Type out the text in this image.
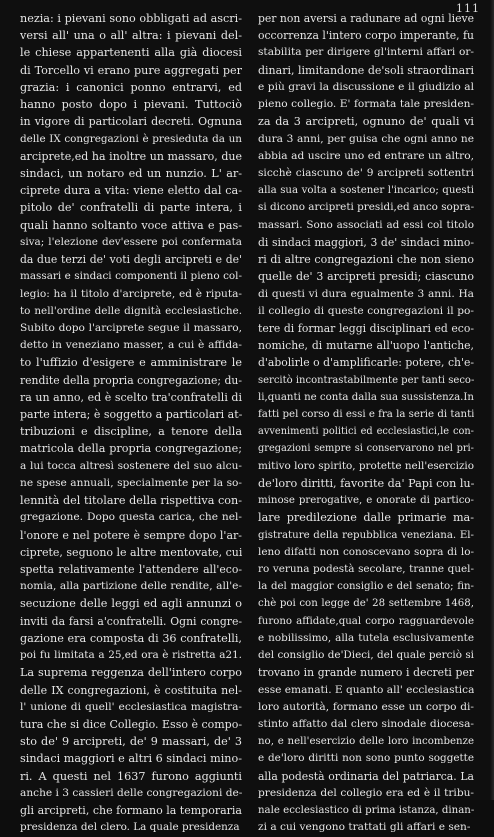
111
nezia: i pievani sono obbligati ad ascri-
versi all' una o all' altra: i pievani del-
le chiese appartenenti alla già diocesi
di Torcello vi erano pure aggregati per
grazia: i canonici ponno entrarvi, ed
hanno posto dopo i pievani. Tuttociò
in vigore di particolari decreti. Ognuna
delle IX congregazioni è presieduta da un
arciprete,ed ha inoltre un massaro, due
sindaci, un notaro ed un nunzio. L' ar-
ciprete dura a vita: viene eletto dal ca-
pitolo de' confratelli di parte intera, i
quali hanno soltanto voce attiva e pas-
siva; l'elezione dev'essere poi confermata
da due terzi de' voti degli arcipreti e de'
massari e sindaci componenti il pieno col-
legio: ha il titolo d'arciprete, ed è riputa-
to nell'ordine delle dignità ecclesiastiche.
Subito dopo l'arciprete segue il massaro,
detto in veneziano masser, a cui è affida-
to l'uffizio d'esigere e amministrare le
rendite della propria congregazione; du-
ra un anno, ed è scelto tra'confratelli di
parte intera; è soggetto a particolari at-
tribuzioni e discipline, a tenore della
matricola della propria congregazione;
a lui tocca altresì sostenere del suo alcu-
ne spese annuali, specialmente per la so-
lennità del titolare della rispettiva con-
gregazione. Dopo questa carica, che nel-
l'onore e nel potere è sempre dopo l'ar-
ciprete, seguono le altre mentovate, cui
spetta relativamente l'attendere all'eco-
nomia, alla partizione delle rendite, all'e-
secuzione delle leggi ed agli annunzi o
inviti da farsi a'confratelli. Ogni congre-
gazione era composta di 36 confratelli,
poi fu limitata a 25,ed ora è ristretta a21.
La suprema reggenza dell'intero corpo
delle IX congregazioni, è costituita nel-
l' unione di quell' ecclesiastica magistra-
tura che si dice Collegio. Esso è compo-
sto de' 9 arcipreti, de' 9 massari, de' 3
sindaci maggiori e altri 6 sindaci mino-
ri. A questi nel 1637 furono aggiunti
anche i 3 cassieri delle congregazioni de-
gli arcipreti, che formano la temporaria
presidenza del clero. La quale presidenza
per non aversi a radunare ad ogni lieve
occorrenza l'intero corpo imperante, fu
stabilita per dirigere gl'interni affari or-
dinari, limitandone de'soli straordinari
e più gravi la discussione e il giudizio al
pieno collegio. E' formata tale presiden-
za da 3 arcipreti, ognuno de' quali vi
dura 3 anni, per guisa che ogni anno ne
abbia ad uscire uno ed entrare un altro,
sicchè ciascuno de' 9 arcipreti sottentri
alla sua volta a sostener l'incarico; questi
si dicono arcipreti presidi,ed anco sopra-
massari. Sono associati ad essi col titolo
di sindaci maggiori, 3 de' sindaci mino-
ri di altre congregazioni che non sieno
quelle de' 3 arcipreti presidi; ciascuno
di questi vi dura egualmente 3 anni. Ha
il collegio di queste congregazioni il po-
tere di formar leggi disciplinari ed eco-
nomiche, di mutarne all'uopo l'antiche,
d'abolirle o d'amplificarle: potere, ch'e-
sercitò incontrastabilmente per tanti seco-
li,quanti ne conta dalla sua sussistenza.In
fatti pel corso di essi e fra la serie di tanti
avvenimenti politici ed ecclesiastici,le con-
gregazioni sempre si conservarono nel pri-
mitivo loro spirito, protette nell'esercizio
de'loro diritti, favorite da' Papi con lu-
minose prerogative, e onorate di partico-
lare predilezione dalle primarie ma-
gistrature della repubblica veneziana. El-
leno difatti non conoscevano sopra di lo-
ro veruna podestà secolare, tranne quel-
la del maggior consiglio e del senato; fin-
chè poi con legge de' 28 settembre 1468,
furono affidate,qual corpo ragguardevole
e nobilissimo, alla tutela esclusivamente
del consiglio de'Dieci, del quale perciò si
trovano in grande numero i decreti per
esse emanati. E quanto all' ecclesiastica
loro autorità, formano esse un corpo di-
stinto affatto dal clero sinodale diocesa-
no, e nell'esercizio delle loro incombenze
e de'loro diritti non sono punto soggette
alla podestà ordinaria del patriarca. La
presidenza del collegio era ed è il tribu-
nale ecclesiastico di prima istanza, dinan-
zi a cui vengono trattati gli affari e sen-
